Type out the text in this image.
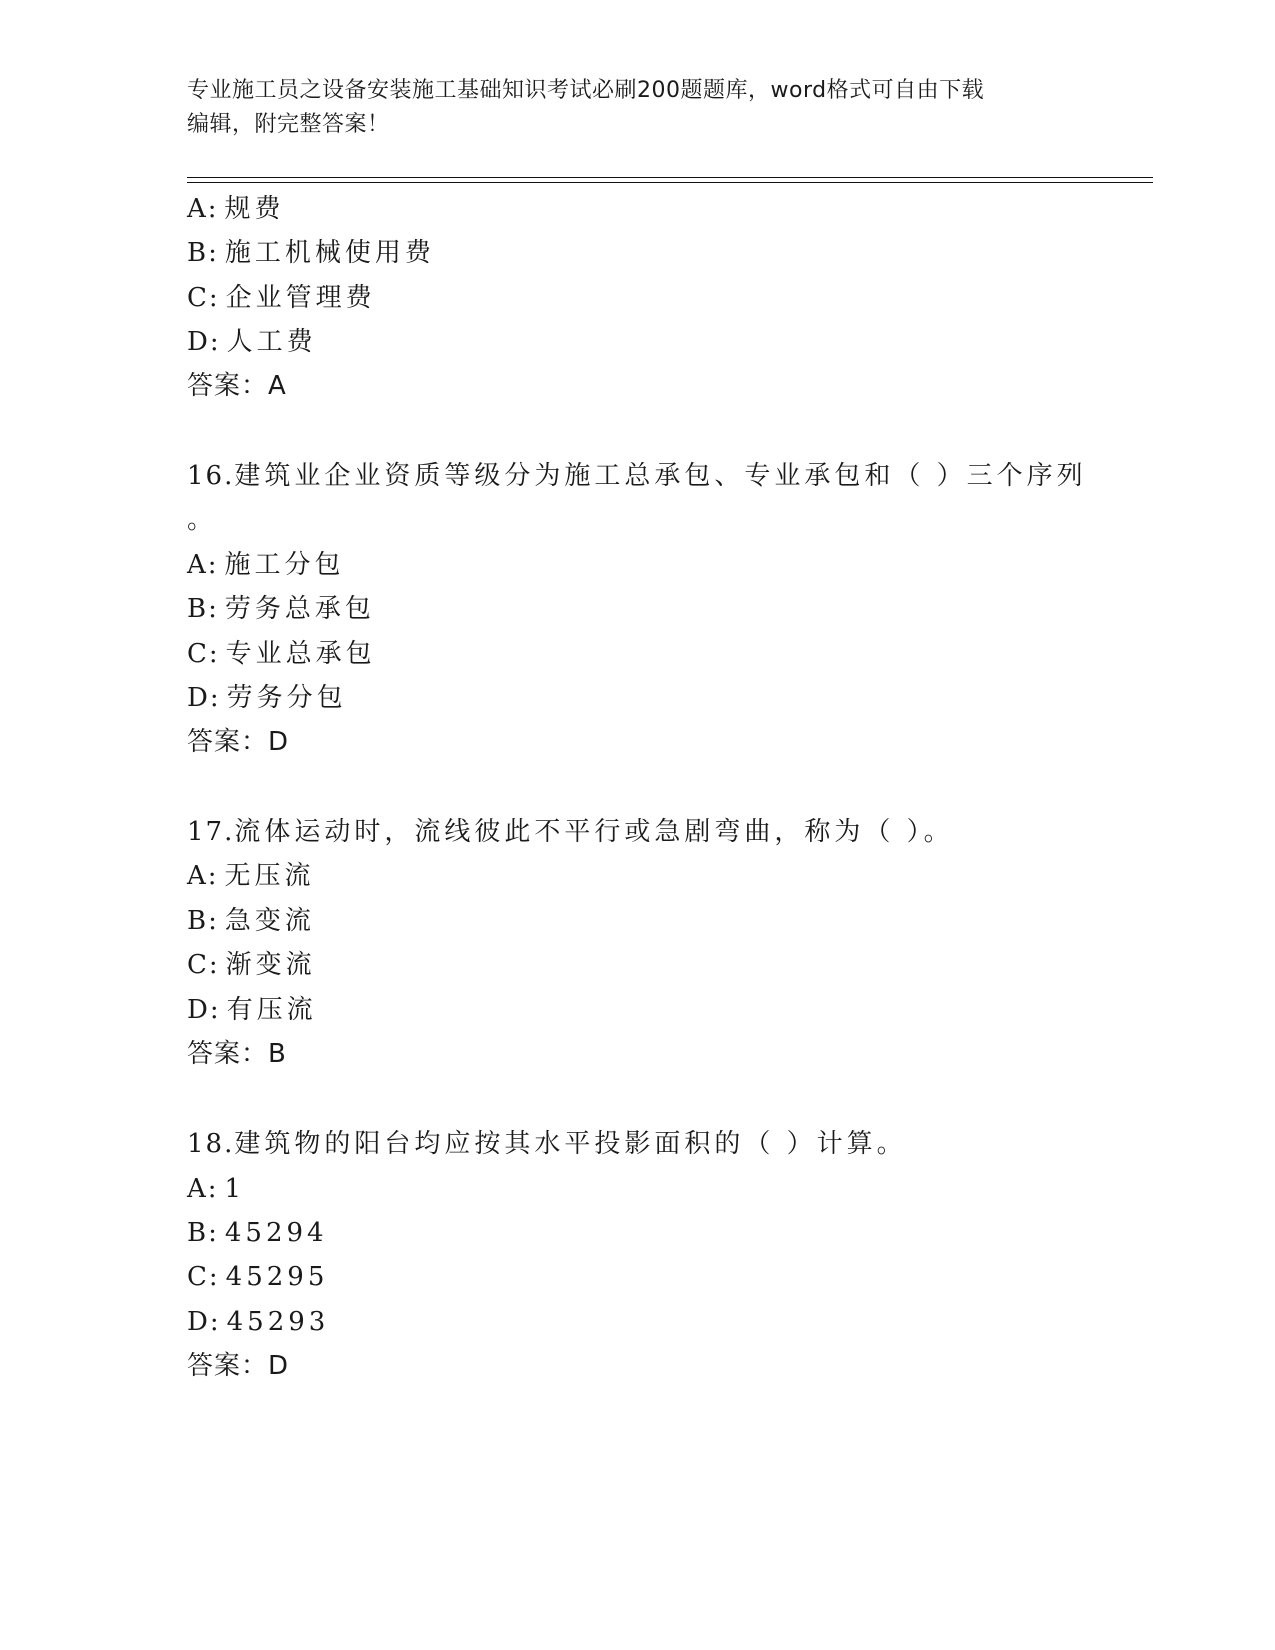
专业施工员之设备安装施工基础知识考试必刷200题题库，word格式可自由下载
编辑，附完整答案！
A: 规费
B: 施工机械使用费
C: 企业管理费
D: 人工费
答案：A
16.建筑业企业资质等级分为施工总承包、专业承包和（ ）三个序列
。
A: 施工分包
B: 劳务总承包
C: 专业总承包
D: 劳务分包
答案：D
17.流体运动时，流线彼此不平行或急剧弯曲，称为（ ）。
A: 无压流
B: 急变流
C: 渐变流
D: 有压流
答案：B
18.建筑物的阳台均应按其水平投影面积的（ ）计算。
A: 1
B: 45294
C: 45295
D: 45293
答案：D
